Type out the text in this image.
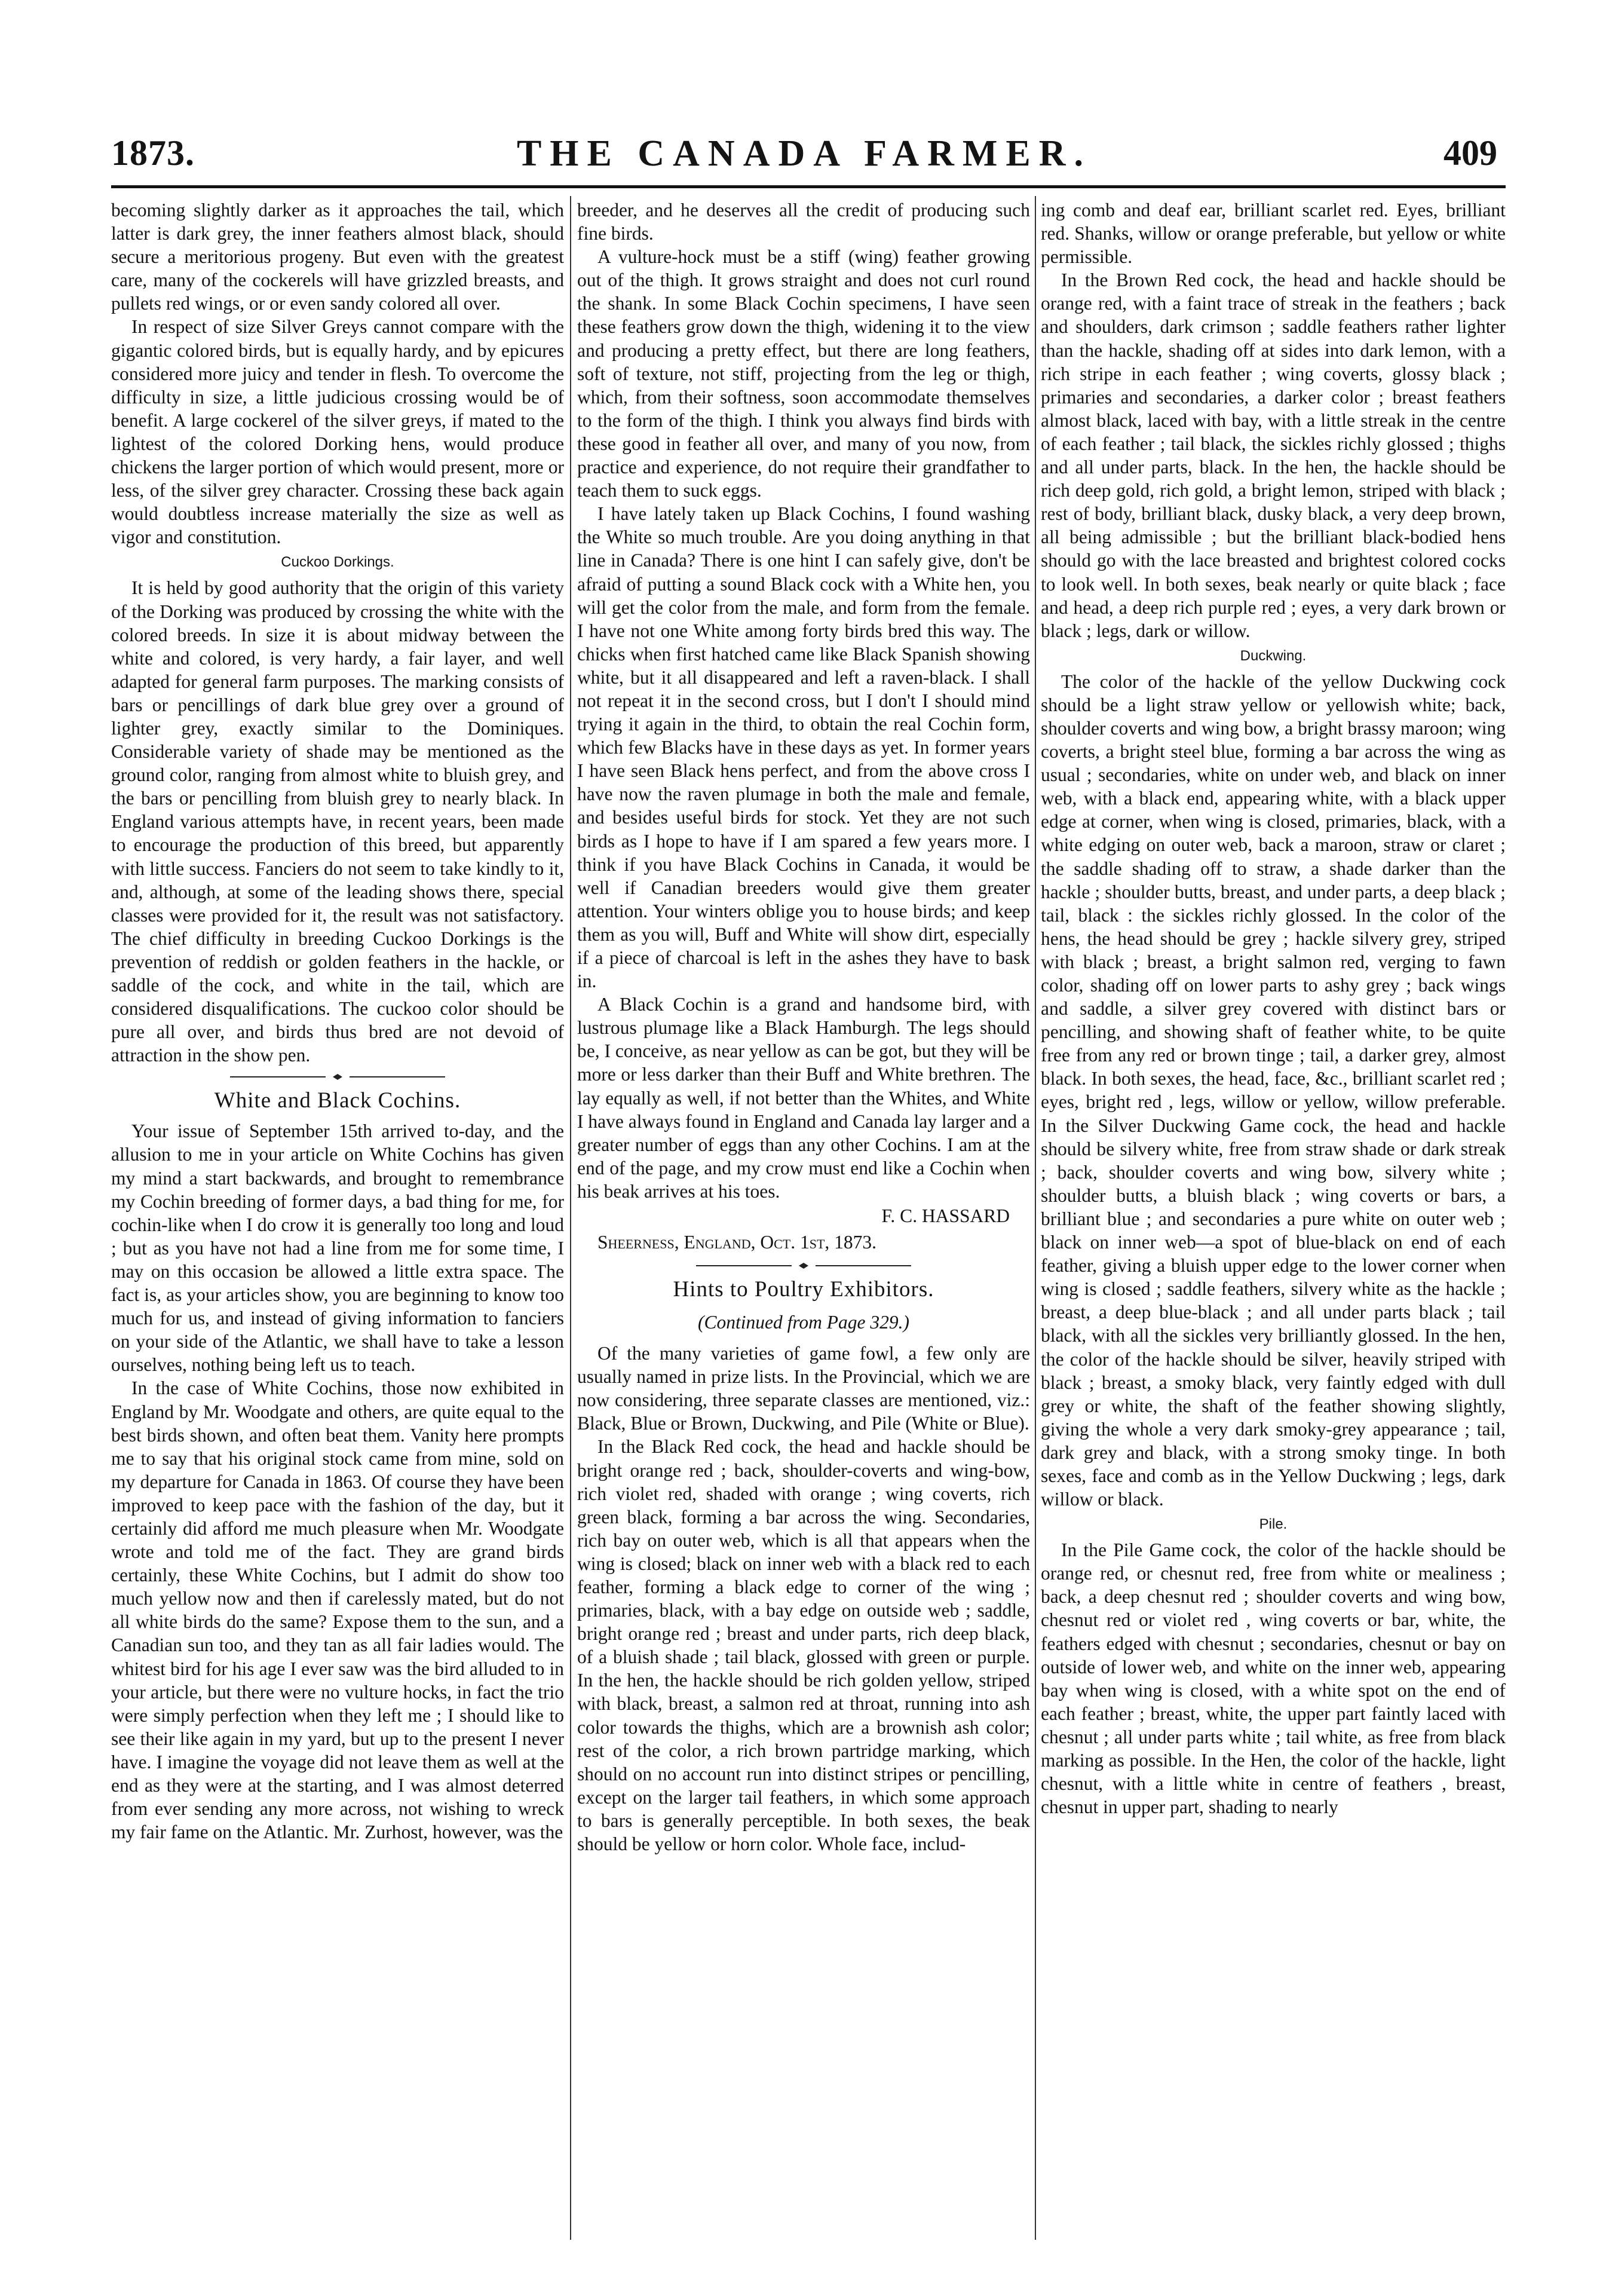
1873.	THE CANADA FARMER.	409

becoming slightly darker as it approaches the tail, which latter is dark grey, the inner feathers almost black, should secure a meritorious progeny. But even with the greatest care, many of the cockerels will have grizzled breasts, and pullets red wings, or or even sandy colored all over.

In respect of size Silver Greys cannot compare with the gigantic colored birds, but is equally hardy, and by epicures considered more juicy and tender in flesh. To overcome the difficulty in size, a little judicious crossing would be of benefit. A large cockerel of the silver greys, if mated to the lightest of the colored Dorking hens, would produce chickens the larger portion of which would present, more or less, of the silver grey character. Crossing these back again would doubtless increase materially the size as well as vigor and constitution.

Cuckoo Dorkings.

It is held by good authority that the origin of this variety of the Dorking was produced by crossing the white with the colored breeds. In size it is about midway between the white and colored, is very hardy, a fair layer, and well adapted for general farm purposes. The marking consists of bars or pencillings of dark blue grey over a ground of lighter grey, exactly similar to the Dominiques. Considerable variety of shade may be mentioned as the ground color, ranging from almost white to bluish grey, and the bars or pencilling from bluish grey to nearly black. In England various attempts have, in recent years, been made to encourage the production of this breed, but apparently with little success. Fanciers do not seem to take kindly to it, and, although, at some of the leading shows there, special classes were provided for it, the result was not satisfactory. The chief difficulty in breeding Cuckoo Dorkings is the prevention of reddish or golden feathers in the hackle, or saddle of the cock, and white in the tail, which are considered disqualifications. The cuckoo color should be pure all over, and birds thus bred are not devoid of attraction in the show pen.

White and Black Cochins.

Your issue of September 15th arrived to-day, and the allusion to me in your article on White Cochins has given my mind a start backwards, and brought to remembrance my Cochin breeding of former days, a bad thing for me, for cochin-like when I do crow it is generally too long and loud ; but as you have not had a line from me for some time, I may on this occasion be allowed a little extra space. The fact is, as your articles show, you are beginning to know too much for us, and instead of giving information to fanciers on your side of the Atlantic, we shall have to take a lesson ourselves, nothing being left us to teach.

In the case of White Cochins, those now exhibited in England by Mr. Woodgate and others, are quite equal to the best birds shown, and often beat them. Vanity here prompts me to say that his original stock came from mine, sold on my departure for Canada in 1863. Of course they have been improved to keep pace with the fashion of the day, but it certainly did afford me much pleasure when Mr. Woodgate wrote and told me of the fact. They are grand birds certainly, these White Cochins, but I admit do show too much yellow now and then if carelessly mated, but do not all white birds do the same? Expose them to the sun, and a Canadian sun too, and they tan as all fair ladies would. The whitest bird for his age I ever saw was the bird alluded to in your article, but there were no vulture hocks, in fact the trio were simply perfection when they left me ; I should like to see their like again in my yard, but up to the present I never have. I imagine the voyage did not leave them as well at the end as they were at the starting, and I was almost deterred from ever sending any more across, not wishing to wreck my fair fame on the Atlantic. Mr. Zurhost, however, was the

breeder, and he deserves all the credit of producing such fine birds.

A vulture-hock must be a stiff (wing) feather growing out of the thigh. It grows straight and does not curl round the shank. In some Black Cochin specimens, I have seen these feathers grow down the thigh, widening it to the view and producing a pretty effect, but there are long feathers, soft of texture, not stiff, projecting from the leg or thigh, which, from their softness, soon accommodate themselves to the form of the thigh. I think you always find birds with these good in feather all over, and many of you now, from practice and experience, do not require their grandfather to teach them to suck eggs.

I have lately taken up Black Cochins, I found washing the White so much trouble. Are you doing anything in that line in Canada? There is one hint I can safely give, don't be afraid of putting a sound Black cock with a White hen, you will get the color from the male, and form from the female. I have not one White among forty birds bred this way. The chicks when first hatched came like Black Spanish showing white, but it all disappeared and left a raven-black. I shall not repeat it in the second cross, but I don't I should mind trying it again in the third, to obtain the real Cochin form, which few Blacks have in these days as yet. In former years I have seen Black hens perfect, and from the above cross I have now the raven plumage in both the male and female, and besides useful birds for stock. Yet they are not such birds as I hope to have if I am spared a few years more. I think if you have Black Cochins in Canada, it would be well if Canadian breeders would give them greater attention. Your winters oblige you to house birds; and keep them as you will, Buff and White will show dirt, especially if a piece of charcoal is left in the ashes they have to bask in.

A Black Cochin is a grand and handsome bird, with lustrous plumage like a Black Hamburgh. The legs should be, I conceive, as near yellow as can be got, but they will be more or less darker than their Buff and White brethren. The lay equally as well, if not better than the Whites, and White I have always found in England and Canada lay larger and a greater number of eggs than any other Cochins. I am at the end of the page, and my crow must end like a Cochin when his beak arrives at his toes.

F. C. HASSARD
Sheerness, England, Oct. 1st, 1873.
Hints to Poultry Exhibitors.
(Continued from Page 329.)

Of the many varieties of game fowl, a few only are usually named in prize lists. In the Provincial, which we are now considering, three separate classes are mentioned, viz.: Black, Blue or Brown, Duckwing, and Pile (White or Blue).

In the Black Red cock, the head and hackle should be bright orange red ; back, shoulder-coverts and wing-bow, rich violet red, shaded with orange ; wing coverts, rich green black, forming a bar across the wing. Secondaries, rich bay on outer web, which is all that appears when the wing is closed; black on inner web with a black red to each feather, forming a black edge to corner of the wing ; primaries, black, with a bay edge on outside web ; saddle, bright orange red ; breast and under parts, rich deep black, of a bluish shade ; tail black, glossed with green or purple. In the hen, the hackle should be rich golden yellow, striped with black, breast, a salmon red at throat, running into ash color towards the thighs, which are a brownish ash color; rest of the color, a rich brown partridge marking, which should on no account run into distinct stripes or pencilling, except on the larger tail feathers, in which some approach to bars is generally perceptible. In both sexes, the beak should be yellow or horn color. Whole face, includ-

ing comb and deaf ear, brilliant scarlet red. Eyes, brilliant red. Shanks, willow or orange preferable, but yellow or white permissible.

In the Brown Red cock, the head and hackle should be orange red, with a faint trace of streak in the feathers ; back and shoulders, dark crimson ; saddle feathers rather lighter than the hackle, shading off at sides into dark lemon, with a rich stripe in each feather ; wing coverts, glossy black ; primaries and secondaries, a darker color ; breast feathers almost black, laced with bay, with a little streak in the centre of each feather ; tail black, the sickles richly glossed ; thighs and all under parts, black. In the hen, the hackle should be rich deep gold, rich gold, a bright lemon, striped with black ; rest of body, brilliant black, dusky black, a very deep brown, all being admissible ; but the brilliant black-bodied hens should go with the lace breasted and brightest colored cocks to look well. In both sexes, beak nearly or quite black ; face and head, a deep rich purple red ; eyes, a very dark brown or black ; legs, dark or willow.

Duckwing.

The color of the hackle of the yellow Duckwing cock should be a light straw yellow or yellowish white; back, shoulder coverts and wing bow, a bright brassy maroon; wing coverts, a bright steel blue, forming a bar across the wing as usual ; secondaries, white on under web, and black on inner web, with a black end, appearing white, with a black upper edge at corner, when wing is closed, primaries, black, with a white edging on outer web, back a maroon, straw or claret ; the saddle shading off to straw, a shade darker than the hackle ; shoulder butts, breast, and under parts, a deep black ; tail, black : the sickles richly glossed. In the color of the hens, the head should be grey ; hackle silvery grey, striped with black ; breast, a bright salmon red, verging to fawn color, shading off on lower parts to ashy grey ; back wings and saddle, a silver grey covered with distinct bars or pencilling, and showing shaft of feather white, to be quite free from any red or brown tinge ; tail, a darker grey, almost black. In both sexes, the head, face, &c., brilliant scarlet red ; eyes, bright red , legs, willow or yellow, willow preferable. In the Silver Duckwing Game cock, the head and hackle should be silvery white, free from straw shade or dark streak ; back, shoulder coverts and wing bow, silvery white ; shoulder butts, a bluish black ; wing coverts or bars, a brilliant blue ; and secondaries a pure white on outer web ; black on inner web—a spot of blue-black on end of each feather, giving a bluish upper edge to the lower corner when wing is closed ; saddle feathers, silvery white as the hackle ; breast, a deep blue-black ; and all under parts black ; tail black, with all the sickles very brilliantly glossed. In the hen, the color of the hackle should be silver, heavily striped with black ; breast, a smoky black, very faintly edged with dull grey or white, the shaft of the feather showing slightly, giving the whole a very dark smoky-grey appearance ; tail, dark grey and black, with a strong smoky tinge. In both sexes, face and comb as in the Yellow Duckwing ; legs, dark willow or black.

Pile.

In the Pile Game cock, the color of the hackle should be orange red, or chesnut red, free from white or mealiness ; back, a deep chesnut red ; shoulder coverts and wing bow, chesnut red or violet red , wing coverts or bar, white, the feathers edged with chesnut ; secondaries, chesnut or bay on outside of lower web, and white on the inner web, appearing bay when wing is closed, with a white spot on the end of each feather ; breast, white, the upper part faintly laced with chesnut ; all under parts white ; tail white, as free from black marking as possible. In the Hen, the color of the hackle, light chesnut, with a little white in centre of feathers , breast, chesnut in upper part, shading to nearly
